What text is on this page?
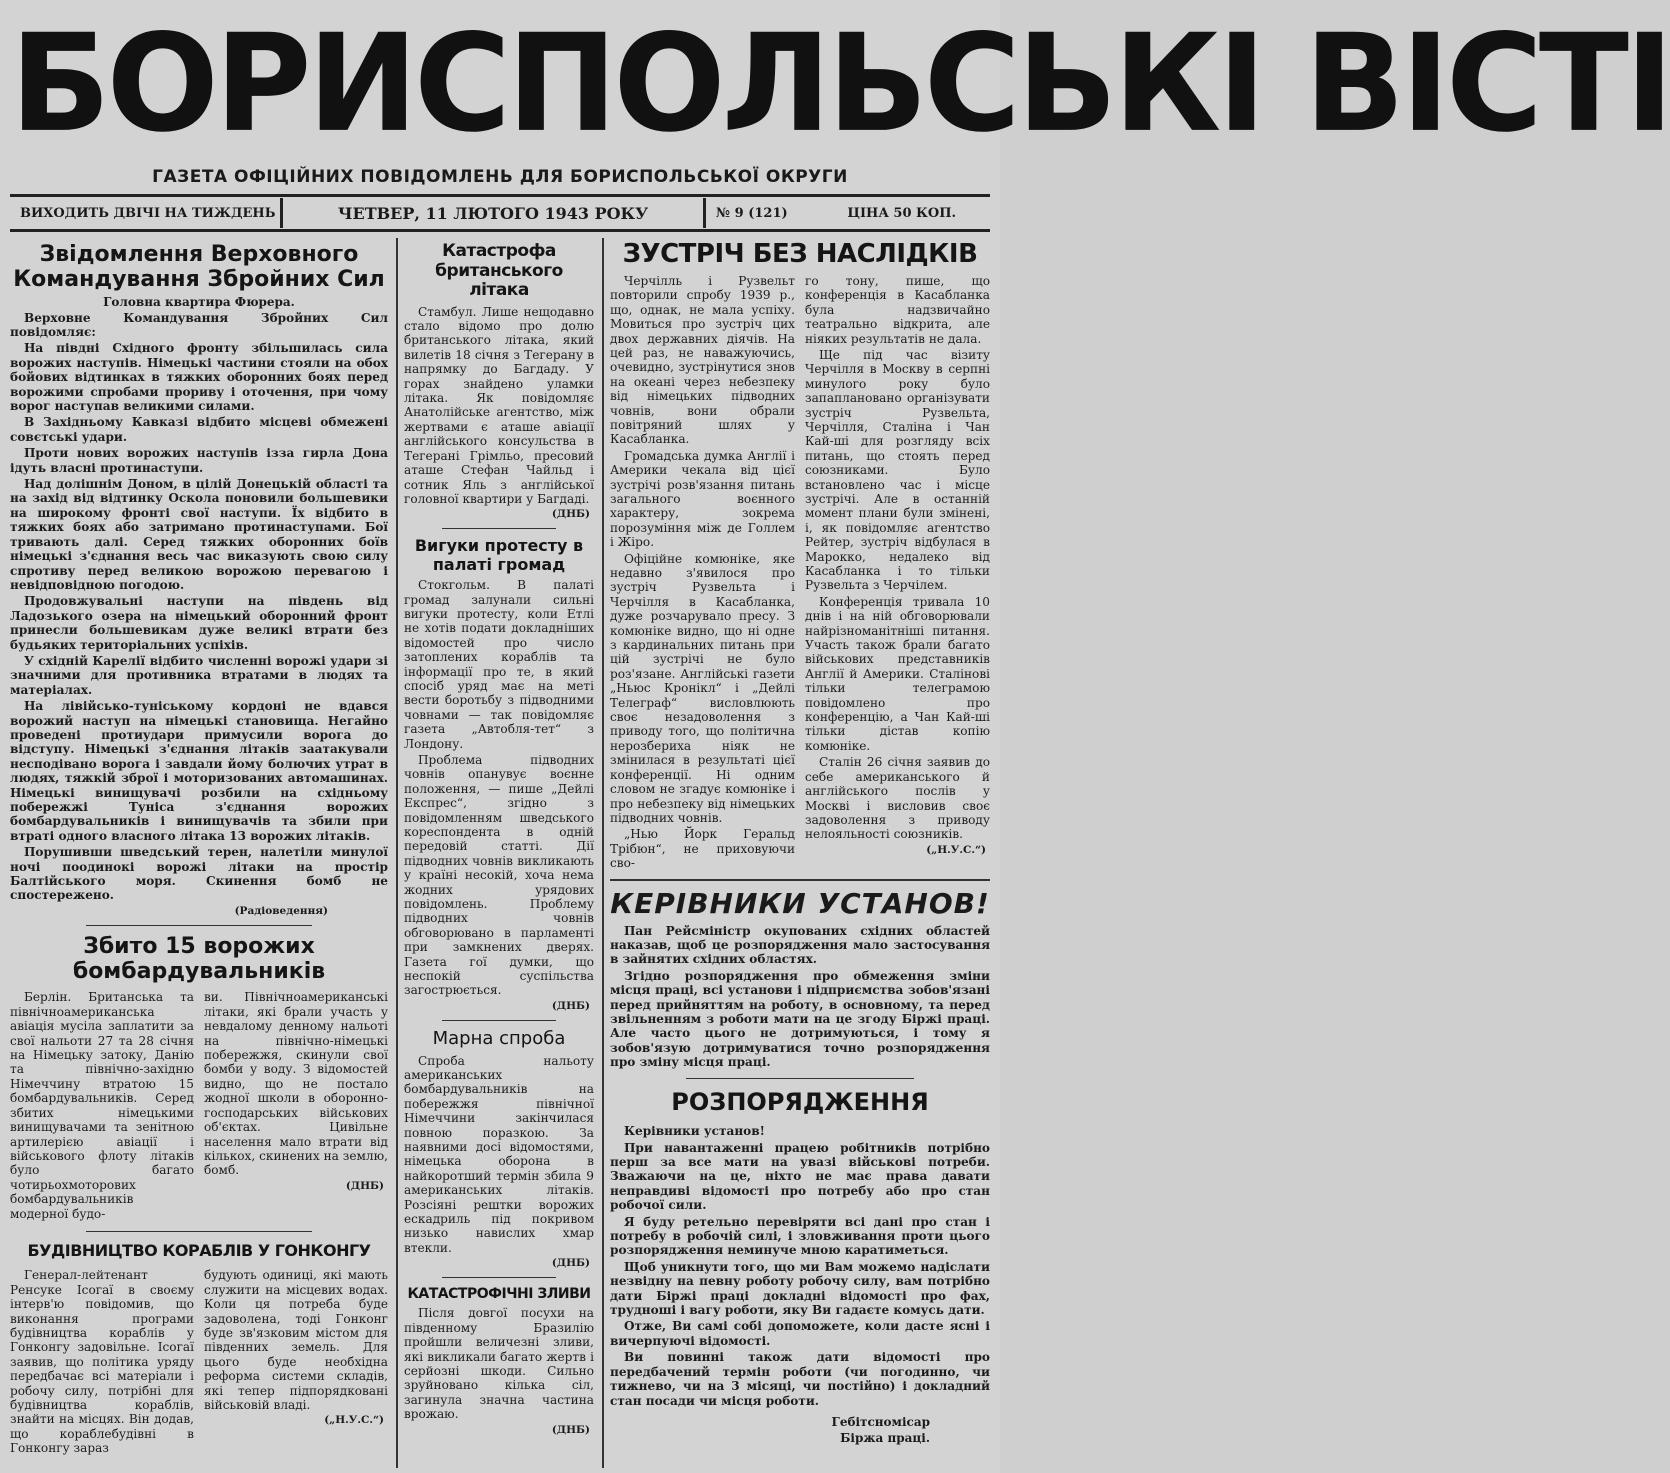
БОРИСПОЛЬСЬКІ ВІСТІ
ГАЗЕТА ОФІЦІЙНИХ ПОВІДОМЛЕНЬ ДЛЯ БОРИСПОЛЬСЬКОЇ ОКРУГИ
ВИХОДИТЬ ДВІЧІ НА ТИЖДЕНЬ	ЧЕТВЕР, 11 ЛЮТОГО 1943 РОКУ	№ 9 (121)	ЦІНА 50 КОП.
Звідомлення Верховного Командування Збройних Сил
Головна квартира Фюрера.

Верховне Командування Збройних Сил повідомляє:

На півдні Східного фронту збільшилась сила ворожих наступів. Німецькі частини стояли на обох бойових відтинках в тяжких оборонних боях перед ворожими спробами прориву і оточення, при чому ворог наступав великими силами.

В Західньому Кавказі відбито місцеві обмежені совєтські удари.

Проти нових ворожих наступів ізза гирла Дона ідуть власні протинаступи.

Над долішнім Доном, в цілій Донецькій області та на захід від відтинку Оскола поновили большевики на широкому фронті свої наступи. Їх відбито в тяжких боях або затримано протинаступами. Бої тривають далі. Серед тяжких оборонних боїв німецькі з'єднання весь час виказують свою силу спротиву перед великою ворожою перевагою і невідповідною погодою.

Продовжувальні наступи на південь від Ладозького озера на німецький оборонний фронт принесли большевикам дуже великі втрати без будьяких територіальних успіхів.

У східній Карелії відбито численні ворожі удари зі значними для противника втратами в людях та матеріалах.

На лівійсько-туніському кордоні не вдався ворожий наступ на німецькі становища. Негайно проведені протиудари примусили ворога до відступу. Німецькі з'єднання літаків заатакували несподівано ворога і завдали йому болючих утрат в людях, тяжкій зброї і моторизованих автомашинах. Німецькі винищувачі розбили на східньому побережжі Туніса з'єднання ворожих бомбардувальників і винищувачів та збили при втраті одного власного літака 13 ворожих літаків.

Порушивши шведський терен, налетіли минулої ночі поодинокі ворожі літаки на простір Балтійського моря. Скинення бомб не спостережено.

(Радіоведення)
Збито 15 ворожих бомбардувальників

Берлін. Британська та північноамериканська авіація мусіла заплатити за свої нальоти 27 та 28 січня на Німецьку затоку, Данію та північно-західню Німеччину втратою 15 бомбардувальників. Серед збитих німецькими винищувачами та зенітною артилерією авіації і військового флоту літаків було багато чотирьохмоторових бомбардувальників модерної будо-

ви. Північноамериканські літаки, які брали участь у невдалому денному нальоті на північно-німецькі побережжя, скинули свої бомби у воду. З відомостей видно, що не постало жодної школи в оборонно-господарських військових об'єктах. Цивільне населення мало втрати від кількох, скинених на землю, бомб.

(ДНБ)
БУДІВНИЦТВО КОРАБЛІВ У ГОНКОНГУ

Генерал-лейтенант Ренсуке Ісогаї в своєму інтерв'ю повідомив, що виконання програми будівництва кораблів у Гонконгу задовільне. Ісогаї заявив, що політика уряду передбачає всі матеріали і робочу силу, потрібні для будівництва кораблів, знайти на місцях. Він додав, що кораблебудівні в Гонконгу зараз

будують одиниці, які мають служити на місцевих водах. Коли ця потреба буде задоволена, тоді Гонконг буде зв'язковим містом для південних земель. Для цього буде необхідна реформа системи складів, які тепер підпорядковані військовій владі.

(„Н.У.С.“)
Катастрофа британського літака

Стамбул. Лише нещодавно стало відомо про долю британського літака, який вилетів 18 січня з Тегерану в напрямку до Багдаду. У горах знайдено уламки літака. Як повідомляє Анатолійське агентство, між жертвами є аташе авіації англійського консульства в Тегерані Грімльо, пресовий аташе Стефан Чайльд і сотник Яль з англійської головної квартири у Багдаді.

(ДНБ)
Вигуки протесту в палаті громад

Стокгольм. В палаті громад залунали сильні вигуки протесту, коли Етлі не хотів подати докладніших відомостей про число затоплених кораблів та інформації про те, в який спосіб уряд має на меті вести боротьбу з підводними човнами — так повідомляє газета „Автобля-тет“ з Лондону.

Проблема підводних човнів опанувує воєнне положення, — пише „Дейлі Експрес“, згідно з повідомленням шведського кореспондента в одній передовій статті. Дії підводних човнів викликають у країні несокій, хоча нема жодних урядових повідомлень. Проблему підводних човнів обговорювано в парламенті при замкнених дверях. Газета гої думки, що неспокій суспільства загострюється.

(ДНБ)
Марна спроба

Спроба нальоту американських бомбардувальників на побережжя північної Німеччини закінчилася повною поразкою. За наявними досі відомостями, німецька оборона в найкоротший термін збила 9 американських літаків. Розсіяні рештки ворожих ескадриль під покривом низько навислих хмар втекли.

(ДНБ)
КАТАСТРОФІЧНІ ЗЛИВИ

Після довгої посухи на південному Бразилію пройшли величезні зливи, які викликали багато жертв і серйозні шкоди. Сильно зруйновано кілька сіл, загинула значна частина врожаю.

(ДНБ)
ЗУСТРІЧ БЕЗ НАСЛІДКІВ

Черчілль і Рузвельт повторили спробу 1939 р., що, однак, не мала успіху. Мовиться про зустріч цих двох державних діячів. На цей раз, не наважуючись, очевидно, зустрінутися знов на океані через небезпеку від німецьких підводних човнів, вони обрали повітряний шлях у Касабланка.

Громадська думка Англії і Америки чекала від цієї зустрічі розв'язання питань загального воєнного характеру, зокрема порозуміння між де Голлем і Жіро.

Офіційне комюніке, яке недавно з'явилося про зустріч Рузвельта і Черчілля в Касабланка, дуже розчарувало пресу. З комюніке видно, що ні одне з кардинальних питань при цій зустрічі не було роз'язане. Англійські газети „Ньюс Кронікл“ і „Дейлі Телеграф“ висловлюють своє незадоволення з приводу того, що політична нерозбериха ніяк не змінилася в результаті цієї конференції. Ні одним словом не згадує комюніке і про небезпеку від німецьких підводних човнів.

„Нью Йорк Геральд Трібюн“, не приховуючи сво-

го тону, пише, що конференція в Касабланка була надзвичайно театрально відкрита, але ніяких результатів не дала.

Ще під час візиту Черчілля в Москву в серпні минулого року було запаплановано організувати зустріч Рузвельта, Черчілля, Сталіна і Чан Кай-ші для розгляду всіх питань, що стоять перед союзниками. Було встановлено час і місце зустрічі. Але в останній момент плани були змінені, і, як повідомляє агентство Рейтер, зустріч відбулася в Марокко, недалеко від Касабланка і то тільки Рузвельта з Черчілем.

Конференція тривала 10 днів і на ній обговорювали найрізноманітніші питання. Участь також брали багато військових представників Англії й Америки. Сталінові тільки телеграмою повідомлено про конференцію, а Чан Кай-ші тільки дістав копію комюніке.

Сталін 26 січня заявив до себе американського й англійського послів у Москві і висловив своє задоволення з приводу нелояльності союзників.

(„Н.У.С.“)
КЕРІВНИКИ УСТАНОВ!

Пан Рейсміністр окупованих східних областей наказав, щоб це розпорядження мало застосування в зайнятих східних областях.

Згідно розпорядження про обмеження зміни місця праці, всі установи і підприємства зобов'язані перед прийняттям на роботу, в основному, та перед звільненням з роботи мати на це згоду Біржі праці. Але часто цього не дотримуються, і тому я зобов'язую дотримуватися точно розпорядження про зміну місця праці.

РОЗПОРЯДЖЕННЯ

Керівники установ!

При навантаженні працею робітників потрібно перш за все мати на увазі військові потреби. Зважаючи на це, ніхто не має права давати неправдиві відомості про потребу або про стан робочої сили.

Я буду ретельно перевіряти всі дані про стан і потребу в робочій силі, і зловживання проти цього розпорядження неминуче мною каратиметься.

Щоб уникнути того, що ми Вам можемо надіслати незвідну на певну роботу робочу силу, вам потрібно дати Біржі праці докладні відомості про фах, трудноші і вагу роботи, яку Ви гадаєте комусь дати.

Отже, Ви самі собі допоможете, коли дасте ясні і вичерпуючі відомості.

Ви повинні також дати відомості про передбачений термін роботи (чи погодинно, чи тижнево, чи на 3 місяці, чи постійно) і докладний стан посади чи місця роботи.

Гебітсномісар
Біржа праці.
